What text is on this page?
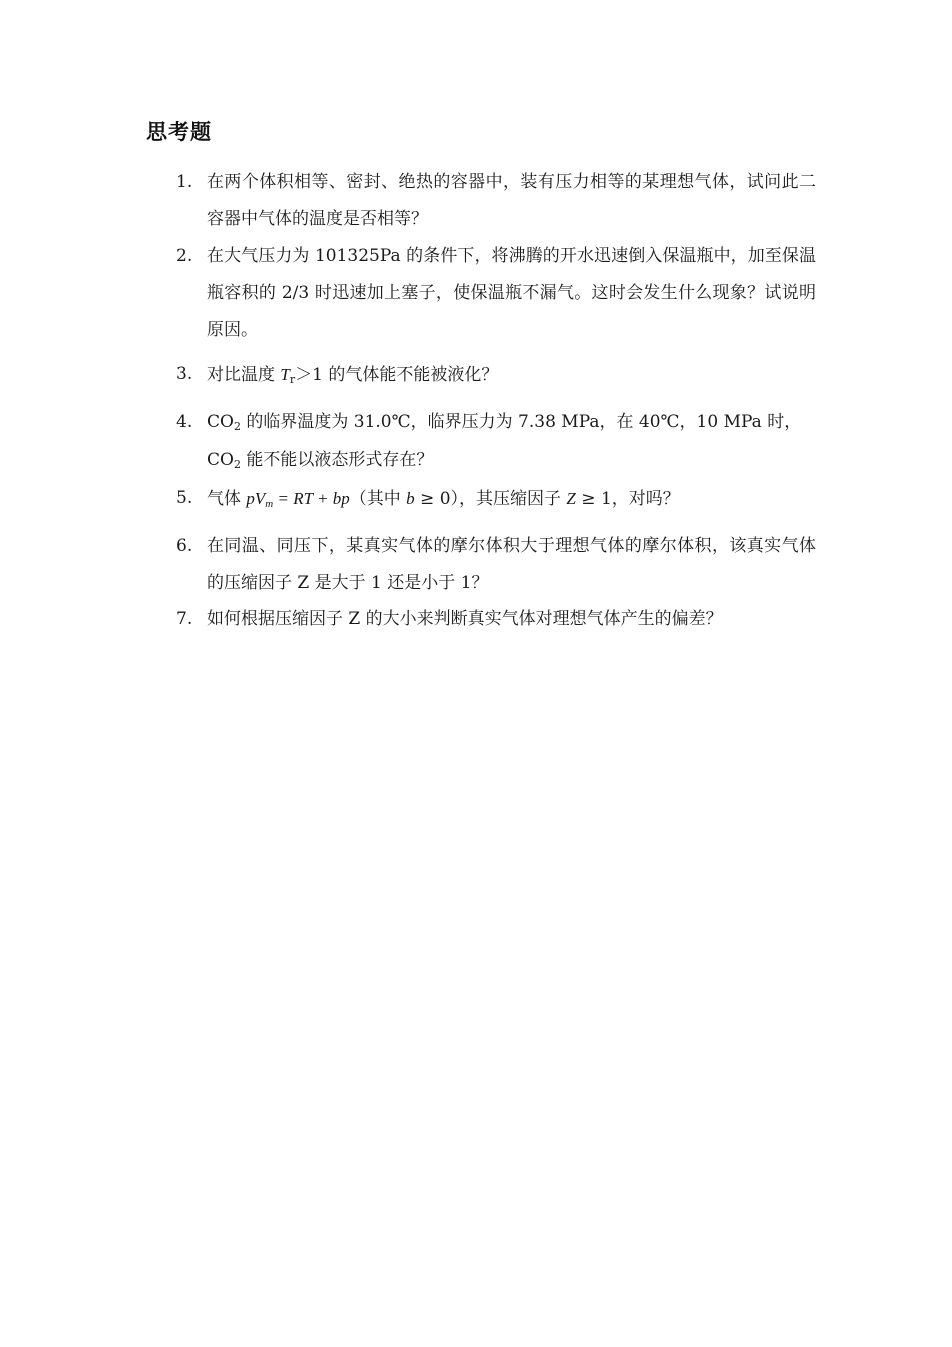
思考题
1. 在两个体积相等、密封、绝热的容器中，装有压力相等的某理想气体，试问此二容器中气体的温度是否相等？
2. 在大气压力为 101325Pa 的条件下，将沸腾的开水迅速倒入保温瓶中，加至保温瓶容积的 2/3 时迅速加上塞子，使保温瓶不漏气。这时会发生什么现象？试说明原因。
3. 对比温度 Tr＞1 的气体能不能被液化？
4. CO2 的临界温度为 31.0℃，临界压力为 7.38 MPa，在 40℃，10 MPa 时，
CO2 能不能以液态形式存在？
5. 气体 pVm = RT + bp（其中 b ≥ 0），其压缩因子 Z ≥ 1，对吗？
6. 在同温、同压下，某真实气体的摩尔体积大于理想气体的摩尔体积，该真实气体的压缩因子 Z 是大于 1 还是小于 1？
7. 如何根据压缩因子 Z 的大小来判断真实气体对理想气体产生的偏差？
